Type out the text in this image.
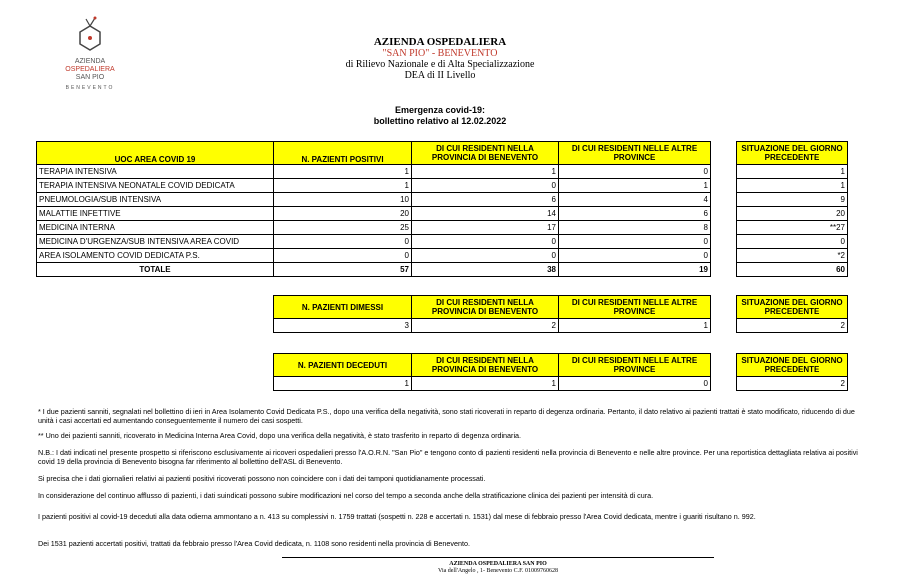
AZIENDA
OSPEDALIERA
SAN PIO
BENEVENTO
AZIENDA OSPEDALIERA
"SAN PIO" - BENEVENTO
di Rilievo Nazionale e di Alta Specializzazione
DEA di II Livello
Emergenza covid-19:
bollettino relativo al 12.02.2022
UOC AREA COVID 19	N. PAZIENTI POSITIVI	DI CUI RESIDENTI NELLA PROVINCIA DI BENEVENTO	DI CUI RESIDENTI NELLE ALTRE PROVINCE		SITUAZIONE DEL GIORNO PRECEDENTE
TERAPIA INTENSIVA	1	1	0		1
TERAPIA INTENSIVA NEONATALE COVID DEDICATA	1	0	1		1
PNEUMOLOGIA/SUB INTENSIVA	10	6	4		9
MALATTIE INFETTIVE	20	14	6		20
MEDICINA INTERNA	25	17	8		**27
MEDICINA D'URGENZA/SUB INTENSIVA AREA COVID	0	0	0		0
AREA ISOLAMENTO COVID DEDICATA P.S.	0	0	0		*2
TOTALE	57	38	19		60
N. PAZIENTI DIMESSI	DI CUI RESIDENTI NELLA PROVINCIA DI BENEVENTO	DI CUI RESIDENTI NELLE ALTRE PROVINCE		SITUAZIONE DEL GIORNO PRECEDENTE
3	2	1		2
N. PAZIENTI DECEDUTI	DI CUI RESIDENTI NELLA PROVINCIA DI BENEVENTO	DI CUI RESIDENTI NELLE ALTRE PROVINCE		SITUAZIONE DEL GIORNO PRECEDENTE
1	1	0		2
* I due pazienti sanniti, segnalati nel bollettino di ieri in Area Isolamento Covid Dedicata P.S., dopo una verifica della negatività, sono stati ricoverati in reparto di degenza ordinaria. Pertanto, il dato relativo ai pazienti trattati è stato modificato, riducendo di due unità i casi accertati ed aumentando conseguentemente il numero dei casi sospetti.
** Uno dei pazienti sanniti, ricoverato in Medicina Interna Area Covid, dopo una verifica della negatività, è stato trasferito in reparto di degenza ordinaria.
N.B.: I dati indicati nel presente prospetto si riferiscono esclusivamente ai ricoveri ospedalieri presso l'A.O.R.N. "San Pio" e tengono conto di pazienti residenti nella provincia di Benevento e nelle altre province. Per una reportistica dettagliata relativa ai positivi covid 19 della provincia di Benevento bisogna far riferimento al bollettino dell'ASL di Benevento.
Si precisa che i dati giornalieri relativi ai pazienti positivi ricoverati possono non coincidere con i dati dei tamponi quotidianamente processati.
In considerazione del continuo afflusso di pazienti, i dati suindicati possono subire modificazioni nel corso del tempo a seconda anche della stratificazione clinica dei pazienti per intensità di cura.
I pazienti positivi al covid-19 deceduti alla data odierna ammontano a n. 413 su complessivi n. 1759 trattati (sospetti n. 228 e accertati n. 1531) dal mese di febbraio presso l'Area Covid dedicata, mentre i guariti risultano n. 992.
Dei 1531 pazienti accertati positivi, trattati da febbraio presso l'Area Covid dedicata, n. 1108 sono residenti nella provincia di Benevento.
AZIENDA OSPEDALIERA SAN PIO
Via dell'Angelo , 1- Benevento C.F. 01009760628
